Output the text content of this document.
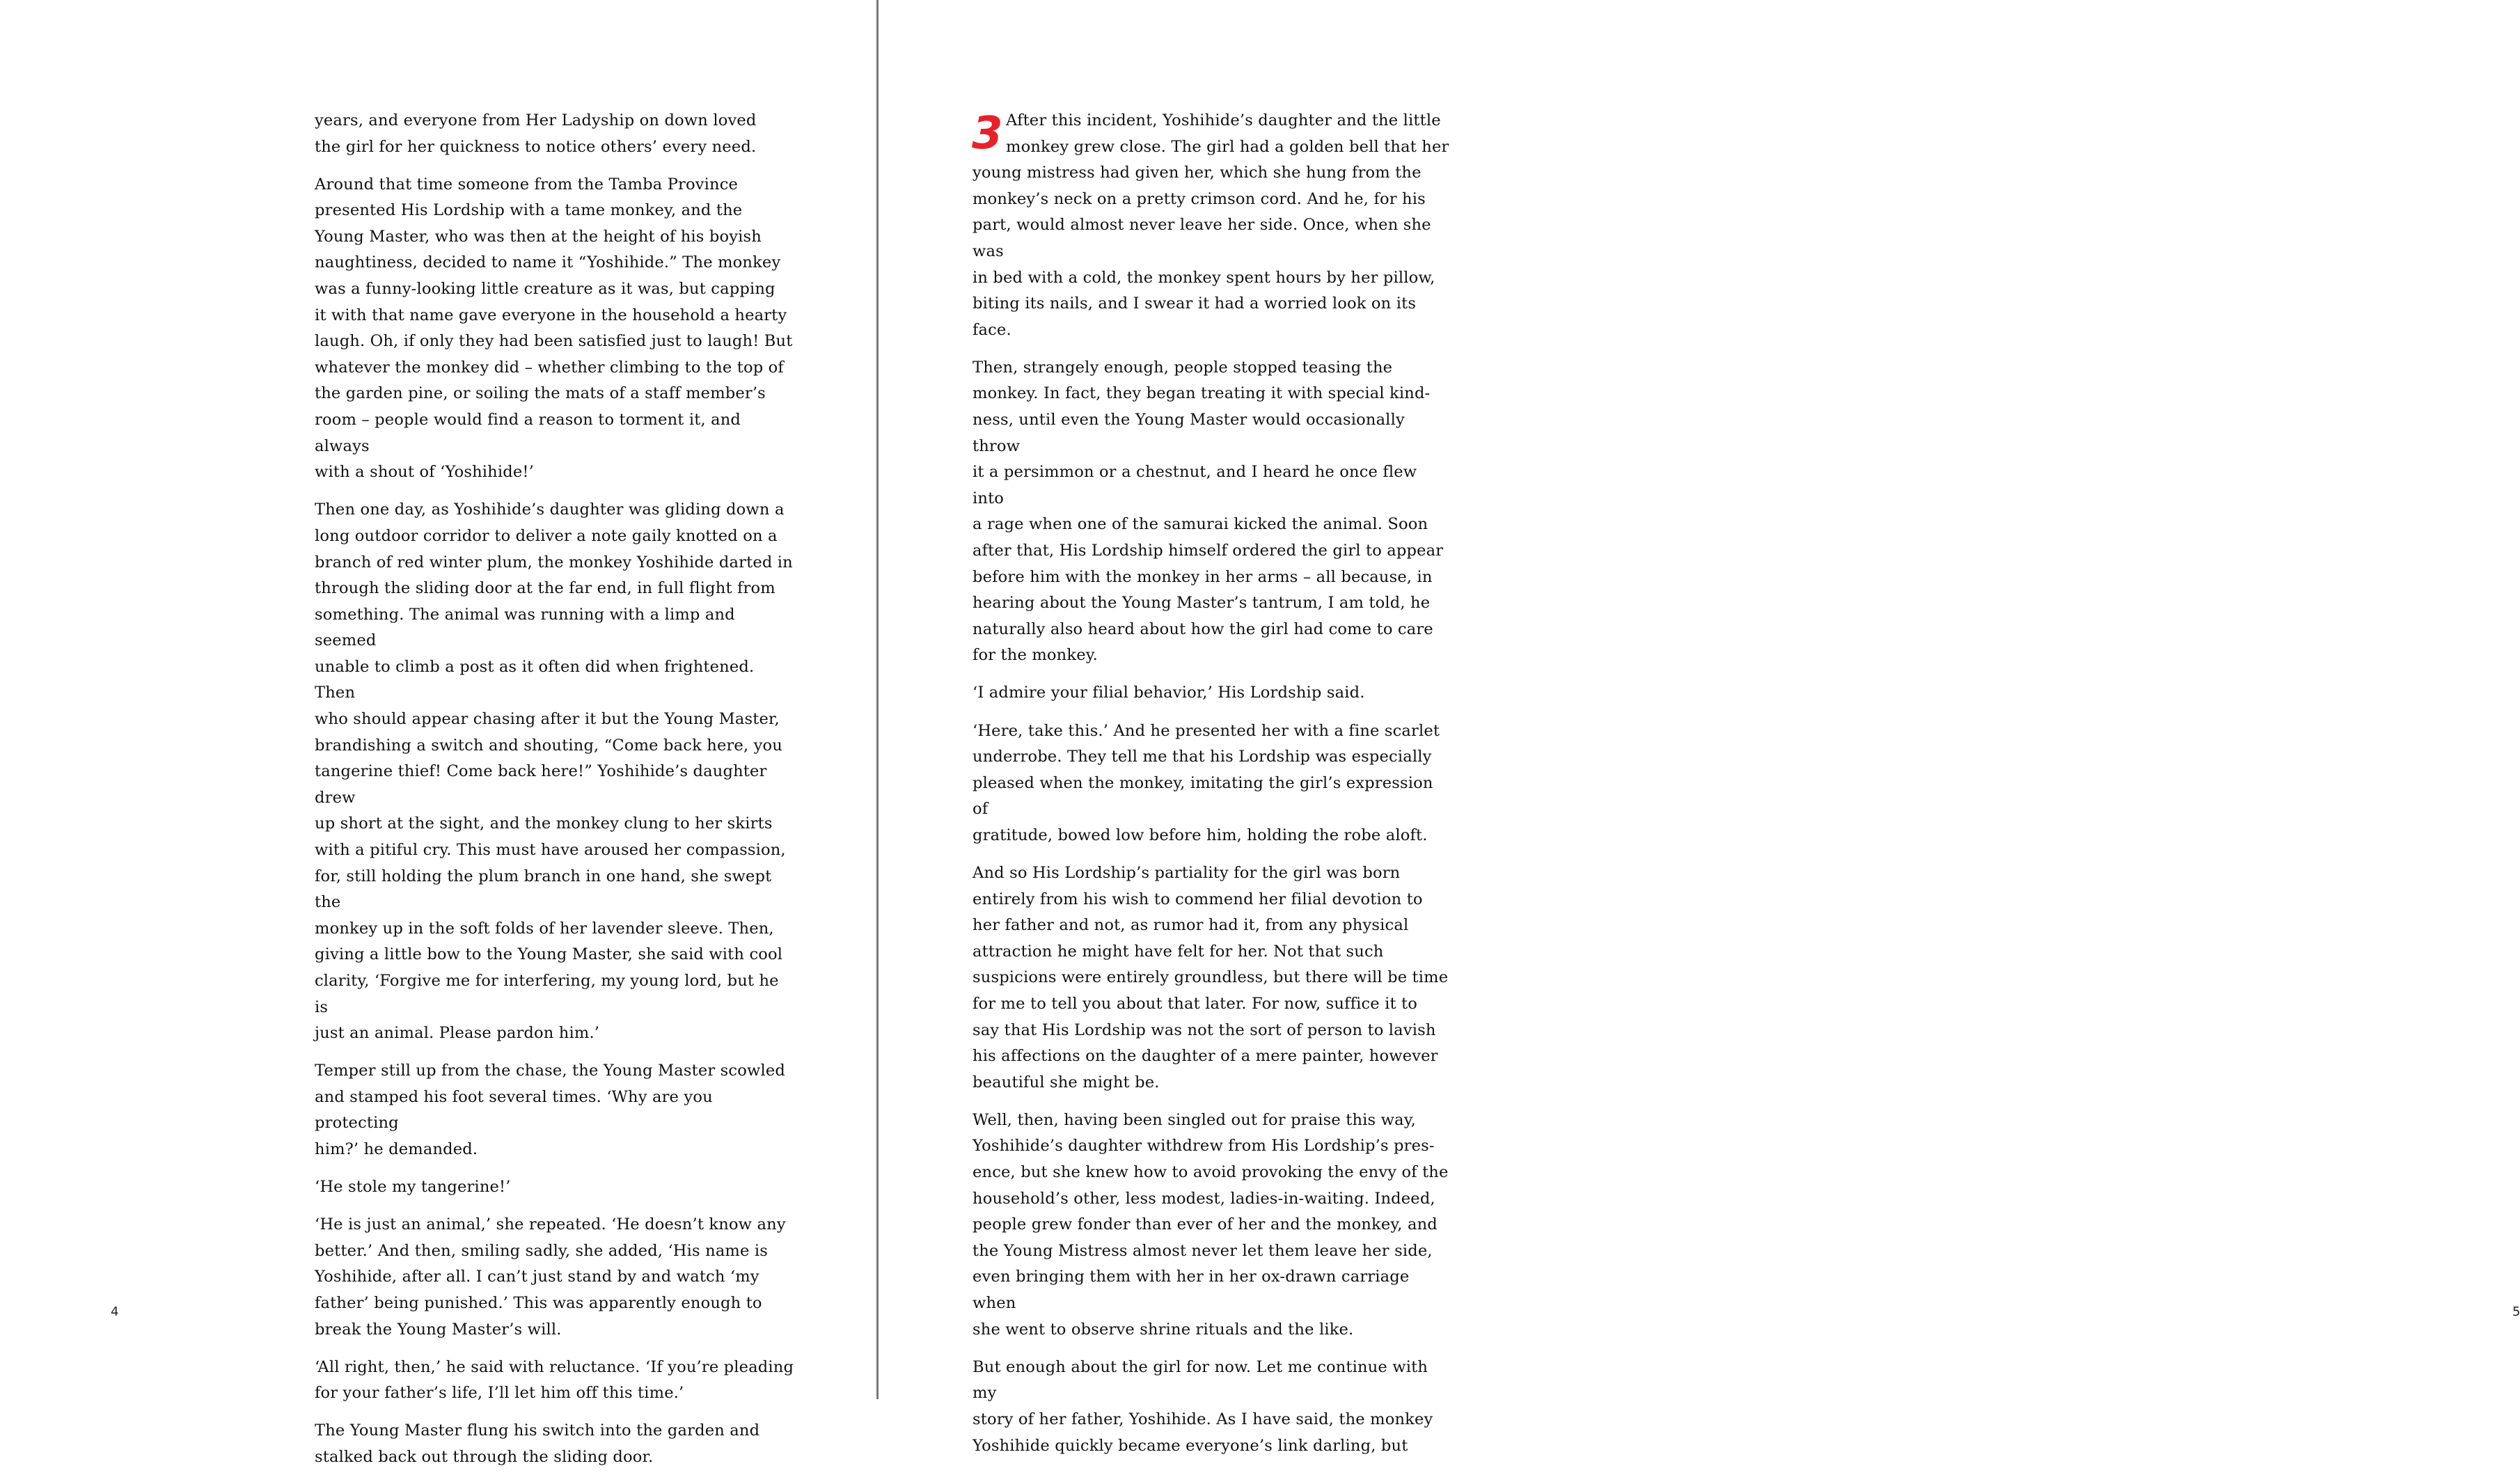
years, and everyone from Her Ladyship on down loved
the girl for her quickness to notice others’ every need.

Around that time someone from the Tamba Province
presented His Lordship with a tame monkey, and the
Young Master, who was then at the height of his boyish
naughtiness, decided to name it “Yoshihide.” The monkey
was a funny-looking little creature as it was, but capping
it with that name gave everyone in the household a hearty
laugh. Oh, if only they had been satisfied just to laugh! But
whatever the monkey did – whether climbing to the top of
the garden pine, or soiling the mats of a staff member’s
room – people would find a reason to torment it, and always
with a shout of ‘Yoshihide!’

Then one day, as Yoshihide’s daughter was gliding down a
long outdoor corridor to deliver a note gaily knotted on a
branch of red winter plum, the monkey Yoshihide darted in
through the sliding door at the far end, in full flight from
something. The animal was running with a limp and seemed
unable to climb a post as it often did when frightened. Then
who should appear chasing after it but the Young Master,
brandishing a switch and shouting, “Come back here, you
tangerine thief! Come back here!” Yoshihide’s daughter drew
up short at the sight, and the monkey clung to her skirts
with a pitiful cry. This must have aroused her compassion,
for, still holding the plum branch in one hand, she swept the
monkey up in the soft folds of her lavender sleeve. Then,
giving a little bow to the Young Master, she said with cool
clarity, ‘Forgive me for interfering, my young lord, but he is
just an animal. Please pardon him.’

Temper still up from the chase, the Young Master scowled
and stamped his foot several times. ‘Why are you protecting
him?’ he demanded.

‘He stole my tangerine!’

‘He is just an animal,’ she repeated. ‘He doesn’t know any
better.’ And then, smiling sadly, she added, ‘His name is
Yoshihide, after all. I can’t just stand by and watch ‘my
father’ being punished.’ This was apparently enough to
break the Young Master’s will.

‘All right, then,’ he said with reluctance. ‘If you’re pleading
for your father’s life, I’ll let him off this time.’

The Young Master flung his switch into the garden and
stalked back out through the sliding door.

4

3 After this incident, Yoshihide’s daughter and the little
monkey grew close. The girl had a golden bell that her
young mistress had given her, which she hung from the
monkey’s neck on a pretty crimson cord. And he, for his
part, would almost never leave her side. Once, when she was
in bed with a cold, the monkey spent hours by her pillow,
biting its nails, and I swear it had a worried look on its face.

Then, strangely enough, people stopped teasing the
monkey. In fact, they began treating it with special kind-
ness, until even the Young Master would occasionally throw
it a persimmon or a chestnut, and I heard he once flew into
a rage when one of the samurai kicked the animal. Soon
after that, His Lordship himself ordered the girl to appear
before him with the monkey in her arms – all because, in
hearing about the Young Master’s tantrum, I am told, he
naturally also heard about how the girl had come to care
for the monkey.

‘I admire your filial behavior,’ His Lordship said.

‘Here, take this.’ And he presented her with a fine scarlet
underrobe. They tell me that his Lordship was especially
pleased when the monkey, imitating the girl’s expression of
gratitude, bowed low before him, holding the robe aloft.

And so His Lordship’s partiality for the girl was born
entirely from his wish to commend her filial devotion to
her father and not, as rumor had it, from any physical
attraction he might have felt for her. Not that such
suspicions were entirely groundless, but there will be time
for me to tell you about that later. For now, suffice it to
say that His Lordship was not the sort of person to lavish
his affections on the daughter of a mere painter, however
beautiful she might be.

Well, then, having been singled out for praise this way,
Yoshihide’s daughter withdrew from His Lordship’s pres-
ence, but she knew how to avoid provoking the envy of the
household’s other, less modest, ladies-in-waiting. Indeed,
people grew fonder than ever of her and the monkey, and
the Young Mistress almost never let them leave her side,
even bringing them with her in her ox-drawn carriage when
she went to observe shrine rituals and the like.

But enough about the girl for now. Let me continue with my
story of her father, Yoshihide. As I have said, the monkey
Yoshihide quickly became everyone’s link darling, but

5
